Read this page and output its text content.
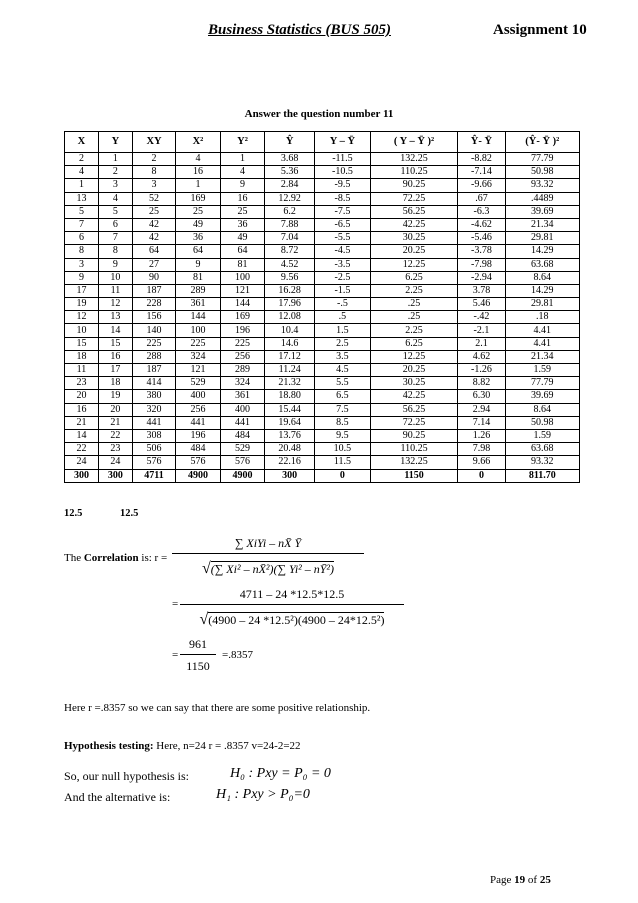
Business Statistics (BUS 505)	Assignment 10
Answer the question number 11
X	Y	XY	X²	Y²	Ŷ	Y – Ȳ	( Y – Ȳ )²	Ŷ- Ȳ	(Ŷ- Ȳ )²
2	1	2	4	1	3.68	-11.5	132.25	-8.82	77.79
4	2	8	16	4	5.36	-10.5	110.25	-7.14	50.98
1	3	3	1	9	2.84	-9.5	90.25	-9.66	93.32
13	4	52	169	16	12.92	-8.5	72.25	.67	.4489
5	5	25	25	25	6.2	-7.5	56.25	-6.3	39.69
7	6	42	49	36	7.88	-6.5	42.25	-4.62	21.34
6	7	42	36	49	7.04	-5.5	30.25	-5.46	29.81
8	8	64	64	64	8.72	-4.5	20.25	-3.78	14.29
3	9	27	9	81	4.52	-3.5	12.25	-7.98	63.68
9	10	90	81	100	9.56	-2.5	6.25	-2.94	8.64
17	11	187	289	121	16.28	-1.5	2.25	3.78	14.29
19	12	228	361	144	17.96	-.5	.25	5.46	29.81
12	13	156	144	169	12.08	.5	.25	-.42	.18
10	14	140	100	196	10.4	1.5	2.25	-2.1	4.41
15	15	225	225	225	14.6	2.5	6.25	2.1	4.41
18	16	288	324	256	17.12	3.5	12.25	4.62	21.34
11	17	187	121	289	11.24	4.5	20.25	-1.26	1.59
23	18	414	529	324	21.32	5.5	30.25	8.82	77.79
20	19	380	400	361	18.80	6.5	42.25	6.30	39.69
16	20	320	256	400	15.44	7.5	56.25	2.94	8.64
21	21	441	441	441	19.64	8.5	72.25	7.14	50.98
14	22	308	196	484	13.76	9.5	90.25	1.26	1.59
22	23	506	484	529	20.48	10.5	110.25	7.98	63.68
24	24	576	576	576	22.16	11.5	132.25	9.66	93.32
300	300	4711	4900	4900	300	0	1150	0	811.70
12.5	12.5
The Correlation is: r =
∑ XiYi – nX̄ Ȳ
√(∑ Xi² – nX̄²)(∑ Yi² – nȲ²)
= $\frac{4711 - 24 *12.5*12.5}{\text{√(4900 – 24 *12.5²)(4900 – 24*12.5²)}}$
= $\frac{961}{1150} =.8357$
Here r =.8357 so we can say that there are some positive relationship.
Hypothesis testing: Here, n=24 r = .8357 v=24-2=22
So, our null hypothesis is:	H₀ : Pxy = P₀ = 0
And the alternative is:	H₁ : Pxy > P₀=0
Page 19 of 25
